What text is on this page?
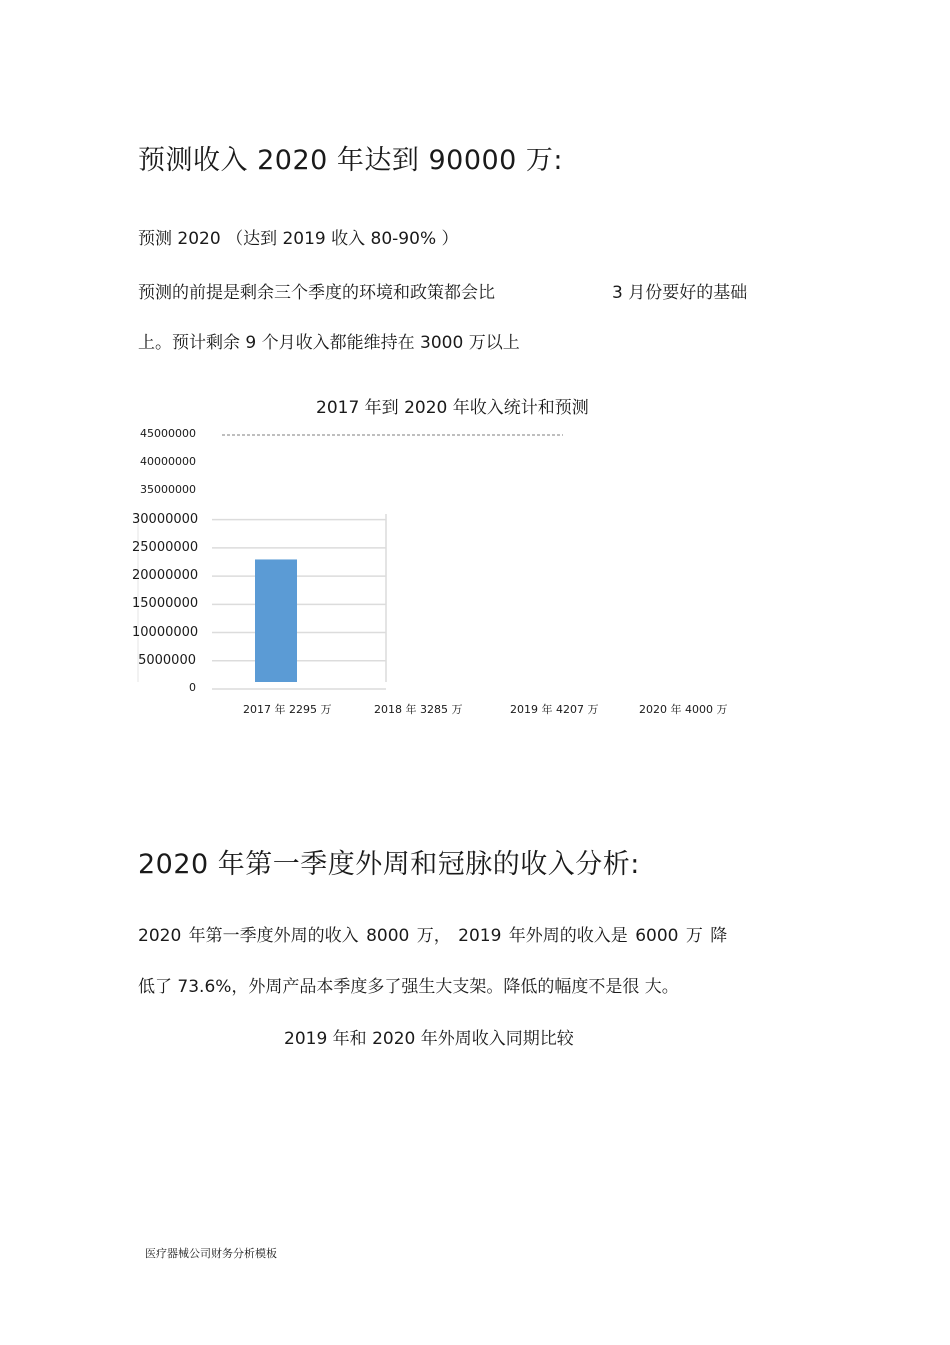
预测收入 2020 年达到 90000 万:
预测 2020 （达到 2019 收入 80-90% ）
预测的前提是剩余三个季度的环境和政策都会比	3 月份要好的基础
上。预计剩余 9 个月收入都能维持在 3000 万以上
2017 年到 2020 年收入统计和预测
45000000
40000000
35000000
30000000
25000000
20000000
15000000
10000000
5000000
0
2017 年 2295 万	2018 年 3285 万	2019 年 4207 万	2020 年 4000 万
2020 年第一季度外周和冠脉的收入分析:
2020 年第一季度外周的收入 8000 万， 2019 年外周的收入是 6000 万 降
低了 73.6%，外周产品本季度多了强生大支架。降低的幅度不是很 大。
2019 年和 2020 年外周收入同期比较
医疗器械公司财务分析模板
